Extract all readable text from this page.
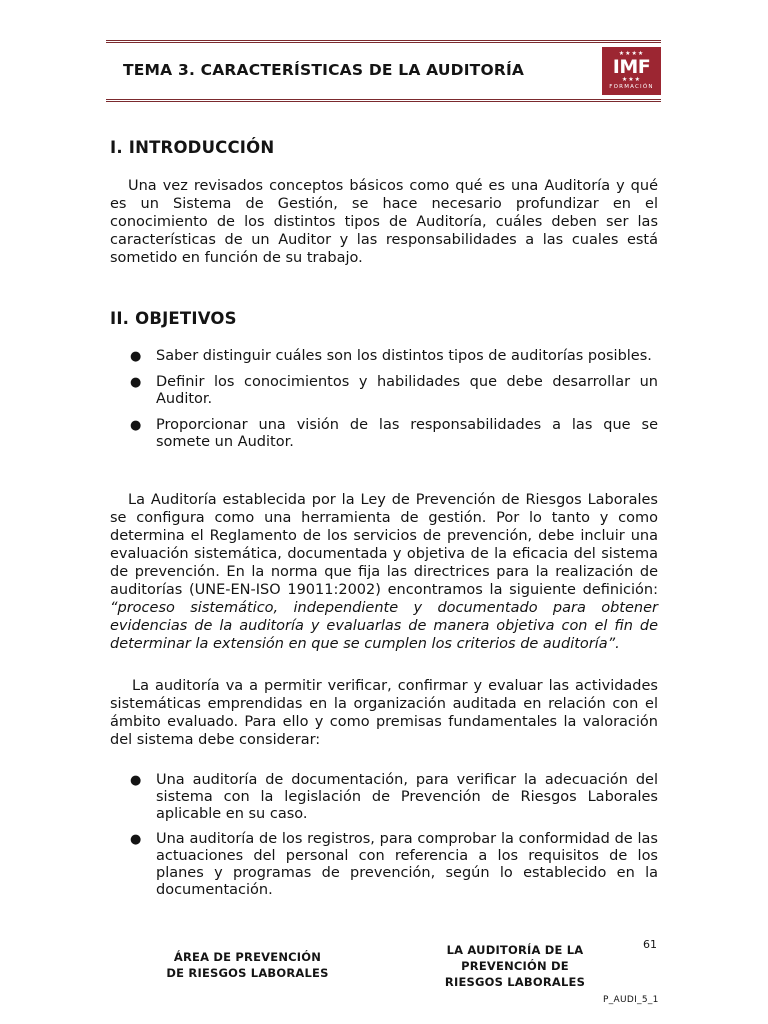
TEMA 3. CARACTERÍSTICAS DE LA AUDITORÍA
★★★★
IMF
★★★
FORMACIÓN
I. INTRODUCCIÓN
Una vez revisados conceptos básicos como qué es una Auditoría y qué es un Sistema de Gestión, se hace necesario profundizar en el conocimiento de los distintos tipos de Auditoría, cuáles deben ser las características de un Auditor y las responsabilidades a las cuales está sometido en función de su trabajo.
II. OBJETIVOS
● Saber distinguir cuáles son los distintos tipos de auditorías posibles.
● Definir los conocimientos y habilidades que debe desarrollar un Auditor.
● Proporcionar una visión de las responsabilidades a las que se somete un Auditor.
La Auditoría establecida por la Ley de Prevención de Riesgos Laborales se configura como una herramienta de gestión. Por lo tanto y como determina el Reglamento de los servicios de prevención, debe incluir una evaluación sistemática, documentada y objetiva de la eficacia del sistema de prevención. En la norma que fija las directrices para la realización de auditorías (UNE-EN-ISO 19011:2002) encontramos la siguiente definición: “proceso sistemático, independiente y documentado para obtener evidencias de la auditoría y evaluarlas de manera objetiva con el fin de determinar la extensión en que se cumplen los criterios de auditoría”.
La auditoría va a permitir verificar, confirmar y evaluar las actividades sistemáticas emprendidas en la organización auditada en relación con el ámbito evaluado. Para ello y como premisas fundamentales la valoración del sistema debe considerar:
● Una auditoría de documentación, para verificar la adecuación del sistema con la legislación de Prevención de Riesgos Laborales aplicable en su caso.
● Una auditoría de los registros, para comprobar la conformidad de las actuaciones del personal con referencia a los requisitos de los planes y programas de prevención, según lo establecido en la documentación.
61
ÁREA DE PREVENCIÓN
DE RIESGOS LABORALES
LA AUDITORÍA DE LA
PREVENCIÓN DE
RIESGOS LABORALES
P_AUDI_5_1
